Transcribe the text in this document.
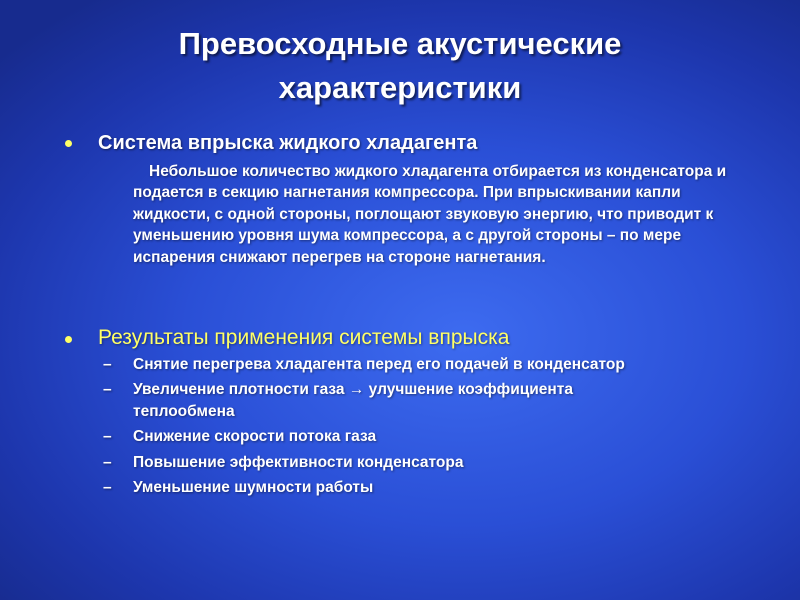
Превосходные акустические
характеристики
Система впрыска жидкого хладагента
Небольшое количество жидкого хладагента отбирается из конденсатора и подается в секцию нагнетания компрессора. При впрыскивании капли жидкости, с одной стороны, поглощают звуковую энергию, что приводит к уменьшению уровня шума компрессора, а с другой стороны – по мере испарения снижают перегрев на стороне нагнетания.
Результаты применения системы впрыска
–	Снятие перегрева хладагента перед его подачей в конденсатор
–	Увеличение плотности газа → улучшение коэффициента теплообмена
–	Снижение скорости потока газа
–	Повышение эффективности конденсатора
–	Уменьшение шумности работы
